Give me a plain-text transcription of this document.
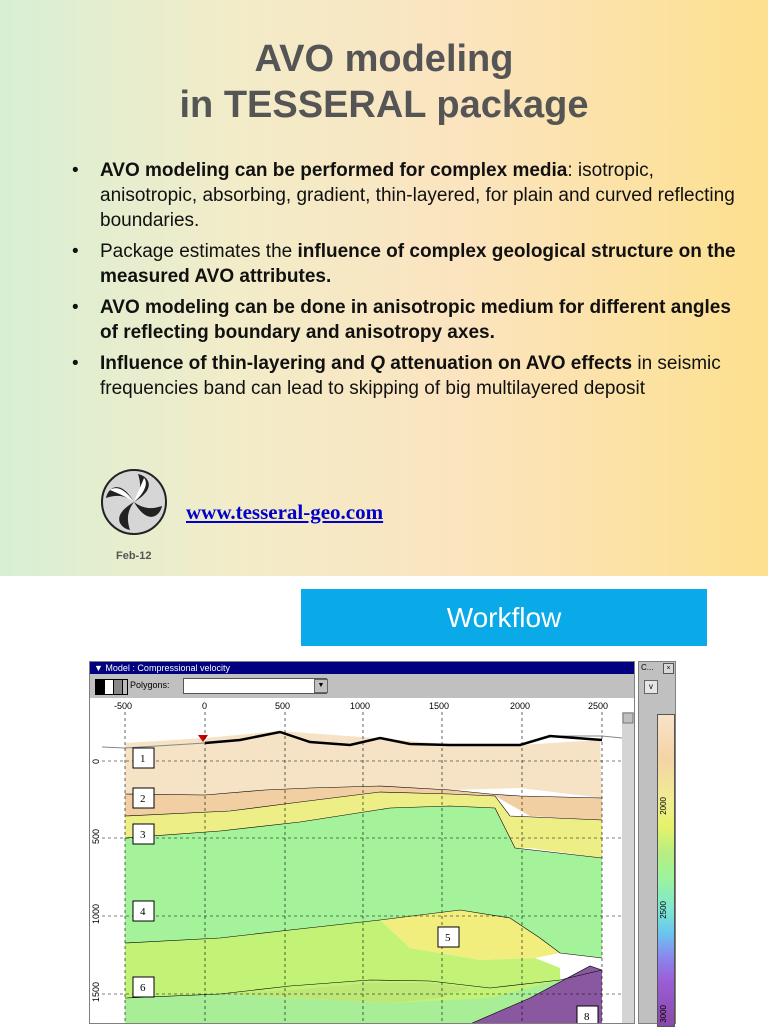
AVO modeling
in TESSERAL package
• AVO modeling can be performed for complex media: isotropic, anisotropic, absorbing, gradient, thin-layered, for plain and curved reflecting boundaries.
• Package estimates the influence of complex geological structure on the measured AVO attributes.
• AVO modeling can be done in anisotropic medium for different angles of reflecting boundary and anisotropy axes.
• Influence of thin-layering and Q attenuation on AVO effects in seismic frequencies band can lead to skipping of big multilayered deposit
www.tesseral-geo.com
Feb-12
Workflow
▼ Model : Compressional velocity
Polygons:	▼
-500	0	500	1000	1500	2000	2500
0
500
1000
1500
1
2
3
4
5
6
8
C...	×
v
2000
2500
3000
